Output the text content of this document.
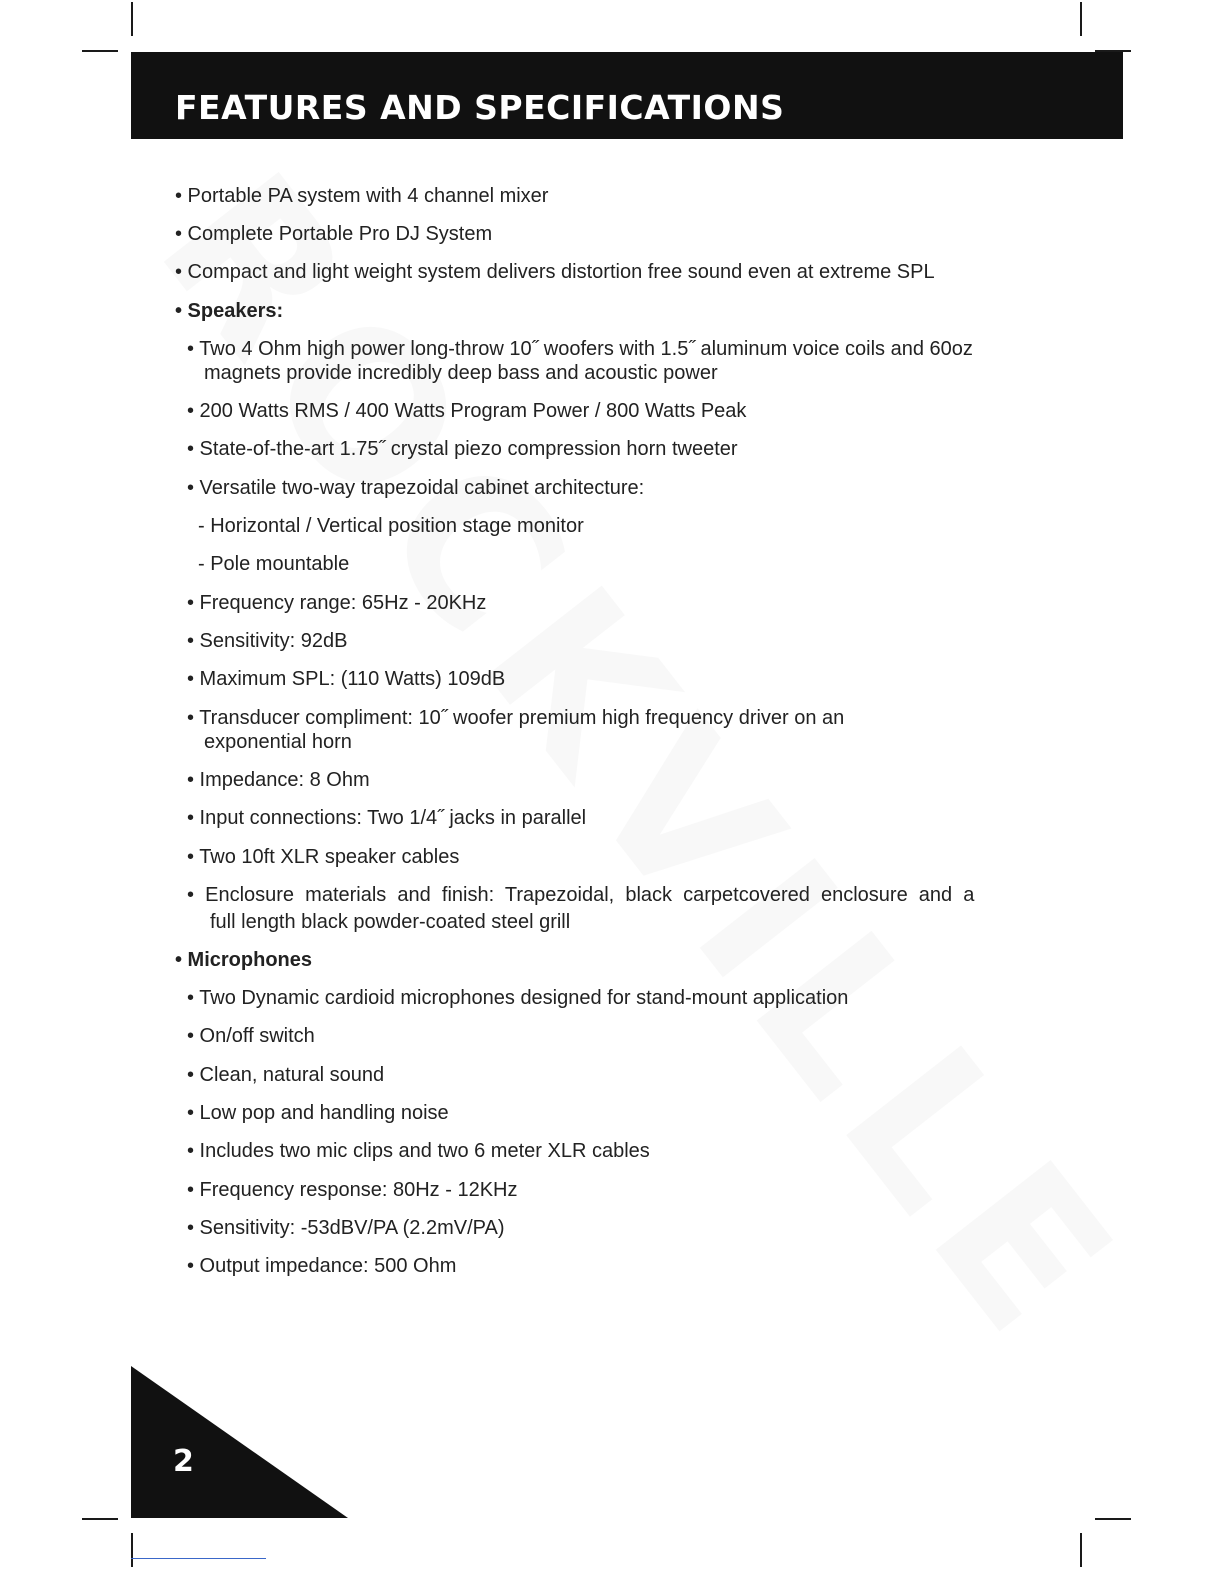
FEATURES AND SPECIFICATIONS
• Portable PA system with 4 channel mixer
• Complete Portable Pro DJ System
• Compact and light weight system delivers distortion free sound even at extreme SPL
• Speakers:
• Two 4 Ohm high power long-throw 10˝ woofers with 1.5˝ aluminum voice coils and 60oz
magnets provide incredibly deep bass and acoustic power
• 200 Watts RMS / 400 Watts Program Power / 800 Watts Peak
• State-of-the-art 1.75˝ crystal piezo compression horn tweeter
• Versatile two-way trapezoidal cabinet architecture:
- Horizontal / Vertical position stage monitor
- Pole mountable
• Frequency range: 65Hz - 20KHz
• Sensitivity: 92dB
• Maximum SPL: (110 Watts) 109dB
• Transducer compliment: 10˝ woofer premium high frequency driver on an
exponential horn
• Impedance: 8 Ohm
• Input connections: Two 1/4˝ jacks in parallel
• Two 10ft XLR speaker cables
•  Enclosure  materials  and  finish:  Trapezoidal,  black  carpetcovered  enclosure  and  a
full length black powder-coated steel grill
• Microphones
• Two Dynamic cardioid microphones designed for stand-mount application
• On/off switch
• Clean, natural sound
• Low pop and handling noise
• Includes two mic clips and two 6 meter XLR cables
• Frequency response: 80Hz - 12KHz
• Sensitivity: -53dBV/PA (2.2mV/PA)
• Output impedance: 500 Ohm
2
